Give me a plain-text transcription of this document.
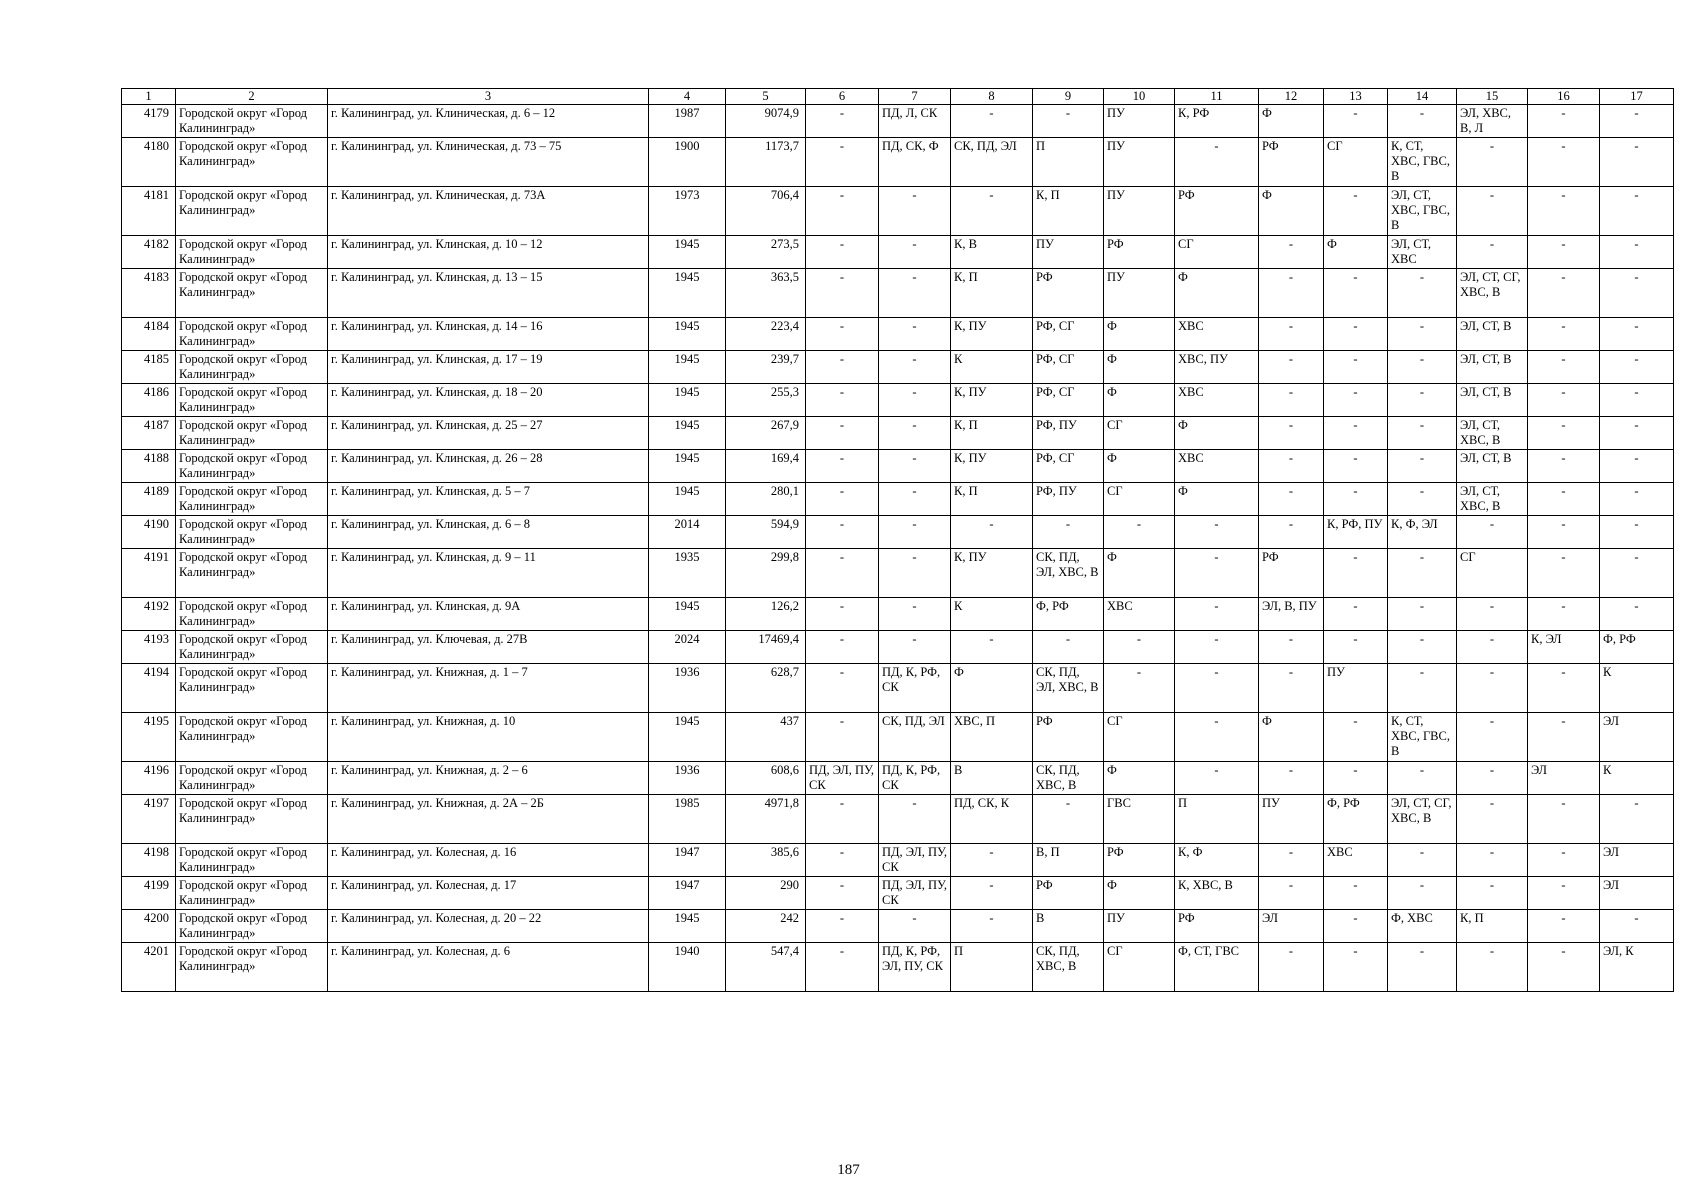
1	2	3	4	5	6	7	8	9	10	11	12	13	14	15	16	17
4179	Городской округ «Город Калининград»	г. Калининград, ул. Клиническая, д. 6 – 12	1987	9074,9	-	ПД, Л, СК	-	-	ПУ	К, РФ	Ф	-	-	ЭЛ, ХВС, В, Л	-	-
4180	Городской округ «Город Калининград»	г. Калининград, ул. Клиническая, д. 73 – 75	1900	1173,7	-	ПД, СК, Ф	СК, ПД, ЭЛ	П	ПУ	-	РФ	СГ	К, СТ, ХВС, ГВС, В	-	-	-
4181	Городской округ «Город Калининград»	г. Калининград, ул. Клиническая, д. 73А	1973	706,4	-	-	-	К, П	ПУ	РФ	Ф	-	ЭЛ, СТ, ХВС, ГВС, В	-	-	-
4182	Городской округ «Город Калининград»	г. Калининград, ул. Клинская, д. 10 – 12	1945	273,5	-	-	К, В	ПУ	РФ	СГ	-	Ф	ЭЛ, СТ, ХВС	-	-	-
4183	Городской округ «Город Калининград»	г. Калининград, ул. Клинская, д. 13 – 15	1945	363,5	-	-	К, П	РФ	ПУ	Ф	-	-	-	ЭЛ, СТ, СГ, ХВС, В	-	-
4184	Городской округ «Город Калининград»	г. Калининград, ул. Клинская, д. 14 – 16	1945	223,4	-	-	К, ПУ	РФ, СГ	Ф	ХВС	-	-	-	ЭЛ, СТ, В	-	-
4185	Городской округ «Город Калининград»	г. Калининград, ул. Клинская, д. 17 – 19	1945	239,7	-	-	К	РФ, СГ	Ф	ХВС, ПУ	-	-	-	ЭЛ, СТ, В	-	-
4186	Городской округ «Город Калининград»	г. Калининград, ул. Клинская, д. 18 – 20	1945	255,3	-	-	К, ПУ	РФ, СГ	Ф	ХВС	-	-	-	ЭЛ, СТ, В	-	-
4187	Городской округ «Город Калининград»	г. Калининград, ул. Клинская, д. 25 – 27	1945	267,9	-	-	К, П	РФ, ПУ	СГ	Ф	-	-	-	ЭЛ, СТ, ХВС, В	-	-
4188	Городской округ «Город Калининград»	г. Калининград, ул. Клинская, д. 26 – 28	1945	169,4	-	-	К, ПУ	РФ, СГ	Ф	ХВС	-	-	-	ЭЛ, СТ, В	-	-
4189	Городской округ «Город Калининград»	г. Калининград, ул. Клинская, д. 5 – 7	1945	280,1	-	-	К, П	РФ, ПУ	СГ	Ф	-	-	-	ЭЛ, СТ, ХВС, В	-	-
4190	Городской округ «Город Калининград»	г. Калининград, ул. Клинская, д. 6 – 8	2014	594,9	-	-	-	-	-	-	-	К, РФ, ПУ	К, Ф, ЭЛ	-	-	-
4191	Городской округ «Город Калининград»	г. Калининград, ул. Клинская, д. 9 – 11	1935	299,8	-	-	К, ПУ	СК, ПД, ЭЛ, ХВС, В	Ф	-	РФ	-	-	СГ	-	-
4192	Городской округ «Город Калининград»	г. Калининград, ул. Клинская, д. 9А	1945	126,2	-	-	К	Ф, РФ	ХВС	-	ЭЛ, В, ПУ	-	-	-	-	-
4193	Городской округ «Город Калининград»	г. Калининград, ул. Ключевая, д. 27В	2024	17469,4	-	-	-	-	-	-	-	-	-	-	К, ЭЛ	Ф, РФ
4194	Городской округ «Город Калининград»	г. Калининград, ул. Книжная, д. 1 – 7	1936	628,7	-	ПД, К, РФ, СК	Ф	СК, ПД, ЭЛ, ХВС, В	-	-	-	ПУ	-	-	-	К
4195	Городской округ «Город Калининград»	г. Калининград, ул. Книжная, д. 10	1945	437	-	СК, ПД, ЭЛ	ХВС, П	РФ	СГ	-	Ф	-	К, СТ, ХВС, ГВС, В	-	-	ЭЛ
4196	Городской округ «Город Калининград»	г. Калининград, ул. Книжная, д. 2 – 6	1936	608,6	ПД, ЭЛ, ПУ, СК	ПД, К, РФ, СК	В	СК, ПД, ХВС, В	Ф	-	-	-	-	-	ЭЛ	К
4197	Городской округ «Город Калининград»	г. Калининград, ул. Книжная, д. 2А – 2Б	1985	4971,8	-	-	ПД, СК, К	-	ГВС	П	ПУ	Ф, РФ	ЭЛ, СТ, СГ, ХВС, В	-	-	-
4198	Городской округ «Город Калининград»	г. Калининград, ул. Колесная, д. 16	1947	385,6	-	ПД, ЭЛ, ПУ, СК	-	В, П	РФ	К, Ф	-	ХВС	-	-	-	ЭЛ
4199	Городской округ «Город Калининград»	г. Калининград, ул. Колесная, д. 17	1947	290	-	ПД, ЭЛ, ПУ, СК	-	РФ	Ф	К, ХВС, В	-	-	-	-	-	ЭЛ
4200	Городской округ «Город Калининград»	г. Калининград, ул. Колесная, д. 20 – 22	1945	242	-	-	-	В	ПУ	РФ	ЭЛ	-	Ф, ХВС	К, П	-	-
4201	Городской округ «Город Калининград»	г. Калининград, ул. Колесная, д. 6	1940	547,4	-	ПД, К, РФ, ЭЛ, ПУ, СК	П	СК, ПД, ХВС, В	СГ	Ф, СТ, ГВС	-	-	-	-	-	ЭЛ, К
187
